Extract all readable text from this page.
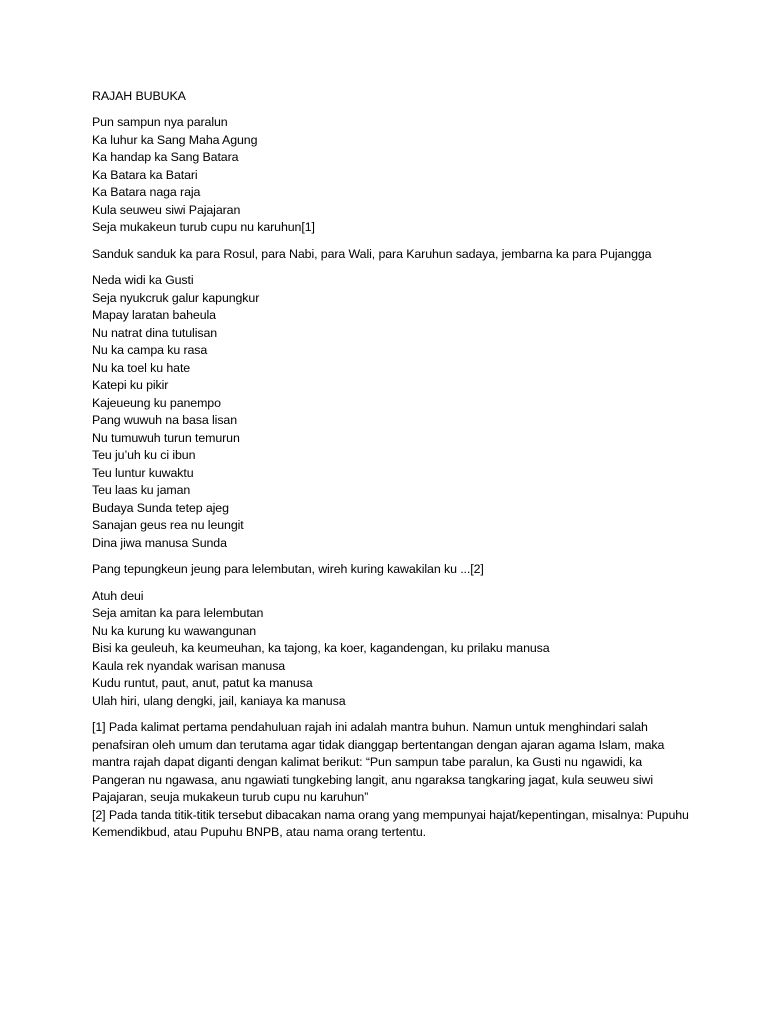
RAJAH BUBUKA
Pun sampun nya paralun
Ka luhur ka Sang Maha Agung
Ka handap ka Sang Batara
Ka Batara ka Batari
Ka Batara naga raja
Kula seuweu siwi Pajajaran
Seja mukakeun turub cupu nu karuhun[1]
Sanduk sanduk ka para Rosul, para Nabi, para Wali, para Karuhun sadaya, jembarna ka para Pujangga
Neda widi ka Gusti
Seja nyukcruk galur kapungkur
Mapay laratan baheula
Nu natrat dina tutulisan
Nu ka campa ku rasa
Nu ka toel ku hate
Katepi ku pikir
Kajeueung ku panempo
Pang wuwuh na basa lisan
Nu tumuwuh turun temurun
Teu ju’uh ku ci ibun
Teu luntur kuwaktu
Teu laas ku jaman
Budaya Sunda tetep ajeg
Sanajan geus rea nu leungit
Dina jiwa manusa Sunda
Pang tepungkeun jeung para lelembutan, wireh kuring kawakilan ku ...[2]
Atuh deui
Seja amitan ka para lelembutan
Nu ka kurung ku wawangunan
Bisi ka geuleuh, ka keumeuhan, ka tajong, ka koer, kagandengan, ku prilaku manusa
Kaula rek nyandak warisan manusa
Kudu runtut, paut, anut, patut ka manusa
Ulah hiri, ulang dengki, jail, kaniaya ka manusa
[1] Pada kalimat pertama pendahuluan rajah ini adalah mantra buhun. Namun untuk menghindari salah penafsiran oleh umum dan terutama agar tidak dianggap bertentangan dengan ajaran agama Islam, maka mantra rajah dapat diganti dengan kalimat berikut: “Pun sampun tabe paralun, ka Gusti nu ngawidi, ka Pangeran nu ngawasa, anu ngawiati tungkebing langit, anu ngaraksa tangkaring jagat, kula seuweu siwi Pajajaran, seuja mukakeun turub cupu nu karuhun”
[2] Pada tanda titik-titik tersebut dibacakan nama orang yang mempunyai hajat/kepentingan, misalnya: Pupuhu Kemendikbud, atau Pupuhu BNPB, atau nama orang tertentu.
